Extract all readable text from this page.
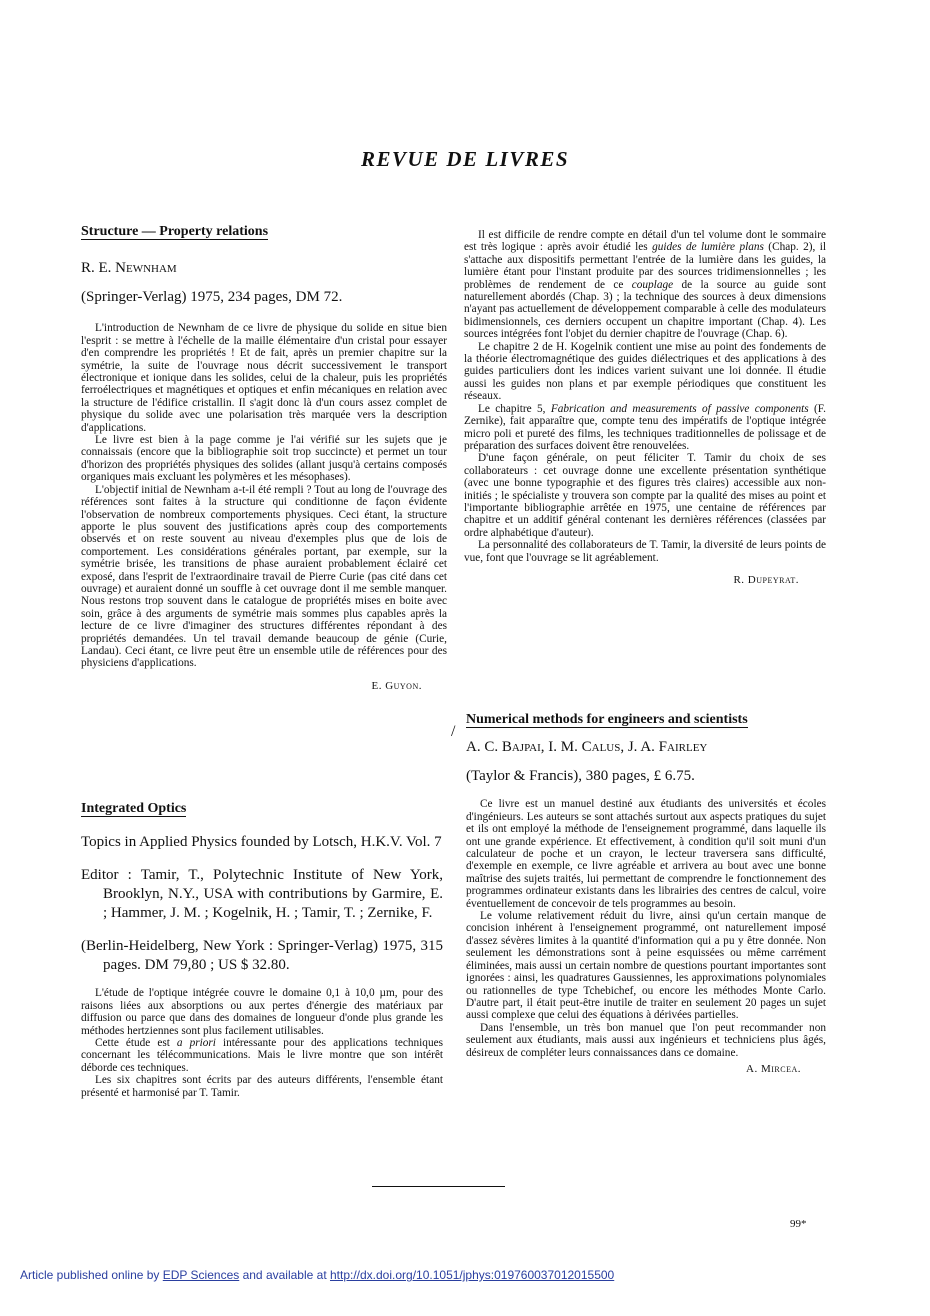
REVUE DE LIVRES
Structure — Property relations

R. E. Newnham

(Springer-Verlag) 1975, 234 pages, DM 72.

L'introduction de Newnham de ce livre de physique du solide en situe bien l'esprit : se mettre à l'échelle de la maille élémentaire d'un cristal pour essayer d'en comprendre les propriétés ! Et de fait, après un premier chapitre sur la symétrie, la suite de l'ouvrage nous décrit successivement le transport électronique et ionique dans les solides, celui de la chaleur, puis les propriétés ferroélectriques et magnétiques et optiques et enfin mécaniques en relation avec la structure de l'édifice cristallin. Il s'agit donc là d'un cours assez complet de physique du solide avec une polarisation très marquée vers la description d'applications.

Le livre est bien à la page comme je l'ai vérifié sur les sujets que je connaissais (encore que la bibliographie soit trop succincte) et permet un tour d'horizon des propriétés physiques des solides (allant jusqu'à certains composés organiques mais excluant les polymères et les mésophases).

L'objectif initial de Newnham a-t-il été rempli ? Tout au long de l'ouvrage des références sont faites à la structure qui conditionne de façon évidente l'observation de nombreux comportements physiques. Ceci étant, la structure apporte le plus souvent des justifications après coup des comportements observés et on reste souvent au niveau d'exemples plus que de lois de comportement. Les considérations générales portant, par exemple, sur la symétrie brisée, les transitions de phase auraient probablement éclairé cet exposé, dans l'esprit de l'extraordinaire travail de Pierre Curie (pas cité dans cet ouvrage) et auraient donné un souffle à cet ouvrage dont il me semble manquer. Nous restons trop souvent dans le catalogue de propriétés mises en boite avec soin, grâce à des arguments de symétrie mais sommes plus capables après la lecture de ce livre d'imaginer des structures différentes répondant à des propriétés demandées. Un tel travail demande beaucoup de génie (Curie, Landau). Ceci étant, ce livre peut être un ensemble utile de références pour des physiciens d'applications.

E. Guyon.

Integrated Optics

Topics in Applied Physics founded by Lotsch, H.K.V. Vol. 7

Editor : Tamir, T., Polytechnic Institute of New York, Brooklyn, N.Y., USA with contributions by Garmire, E. ; Hammer, J. M. ; Kogelnik, H. ; Tamir, T. ; Zernike, F.

(Berlin-Heidelberg, New York : Springer-Verlag) 1975, 315 pages. DM 79,80 ; US $ 32.80.

L'étude de l'optique intégrée couvre le domaine 0,1 à 10,0 µm, pour des raisons liées aux absorptions ou aux pertes d'énergie des matériaux par diffusion ou parce que dans des domaines de longueur d'onde plus grande les méthodes hertziennes sont plus facilement utilisables.

Cette étude est a priori intéressante pour des applications techniques concernant les télécommunications. Mais le livre montre que son intérêt déborde ces techniques.

Les six chapitres sont écrits par des auteurs différents, l'ensemble étant présenté et harmonisé par T. Tamir.

Il est difficile de rendre compte en détail d'un tel volume dont le sommaire est très logique : après avoir étudié les guides de lumière plans (Chap. 2), il s'attache aux dispositifs permettant l'entrée de la lumière dans les guides, la lumière étant pour l'instant produite par des sources tridimensionnelles ; les problèmes de rendement de ce couplage de la source au guide sont naturellement abordés (Chap. 3) ; la technique des sources à deux dimensions n'ayant pas actuellement de développement comparable à celle des modulateurs bidimensionnels, ces derniers occupent un chapitre important (Chap. 4). Les sources intégrées font l'objet du dernier chapitre de l'ouvrage (Chap. 6).

Le chapitre 2 de H. Kogelnik contient une mise au point des fondements de la théorie électromagnétique des guides diélectriques et des applications à des guides particuliers dont les indices varient suivant une loi donnée. Il étudie aussi les guides non plans et par exemple périodiques que constituent les réseaux.

Le chapitre 5, Fabrication and measurements of passive components (F. Zernike), fait apparaître que, compte tenu des impératifs de l'optique intégrée micro poli et pureté des films, les techniques traditionnelles de polissage et de préparation des surfaces doivent être renouvelées.

D'une façon générale, on peut féliciter T. Tamir du choix de ses collaborateurs : cet ouvrage donne une excellente présentation synthétique (avec une bonne typographie et des figures très claires) accessible aux non-initiés ; le spécialiste y trouvera son compte par la qualité des mises au point et l'importante bibliographie arrêtée en 1975, une centaine de références par chapitre et un additif général contenant les dernières références (classées par ordre alphabétique d'auteur).

La personnalité des collaborateurs de T. Tamir, la diversité de leurs points de vue, font que l'ouvrage se lit agréablement.

R. Dupeyrat.

Numerical methods for engineers and scientists

A. C. Bajpai, I. M. Calus, J. A. Fairley

(Taylor & Francis), 380 pages, £ 6.75.

Ce livre est un manuel destiné aux étudiants des universités et écoles d'ingénieurs. Les auteurs se sont attachés surtout aux aspects pratiques du sujet et ils ont employé la méthode de l'enseignement programmé, dans laquelle ils ont une grande expérience. Et effectivement, à condition qu'il soit muni d'un calculateur de poche et un crayon, le lecteur traversera sans difficulté, d'exemple en exemple, ce livre agréable et arrivera au bout avec une bonne maîtrise des sujets traités, lui permettant de comprendre le fonctionnement des programmes ordinateur existants dans les librairies des centres de calcul, voire éventuellement de concevoir de tels programmes au besoin.

Le volume relativement réduit du livre, ainsi qu'un certain manque de concision inhérent à l'enseignement programmé, ont naturellement imposé d'assez sévères limites à la quantité d'information qui a pu y être donnée. Non seulement les démonstrations sont à peine esquissées ou même carrément éliminées, mais aussi un certain nombre de questions pourtant importantes sont ignorées : ainsi, les quadratures Gaussiennes, les approximations polynomiales ou rationnelles de type Tchebichef, ou encore les méthodes Monte Carlo. D'autre part, il était peut-être inutile de traiter en seulement 20 pages un sujet aussi complexe que celui des équations à dérivées partielles.

Dans l'ensemble, un très bon manuel que l'on peut recommander non seulement aux étudiants, mais aussi aux ingénieurs et techniciens plus âgés, désireux de compléter leurs connaissances dans ce domaine.

A. Mircea.

/
99*
Article published online by EDP Sciences and available at http://dx.doi.org/10.1051/jphys:019760037012015500
